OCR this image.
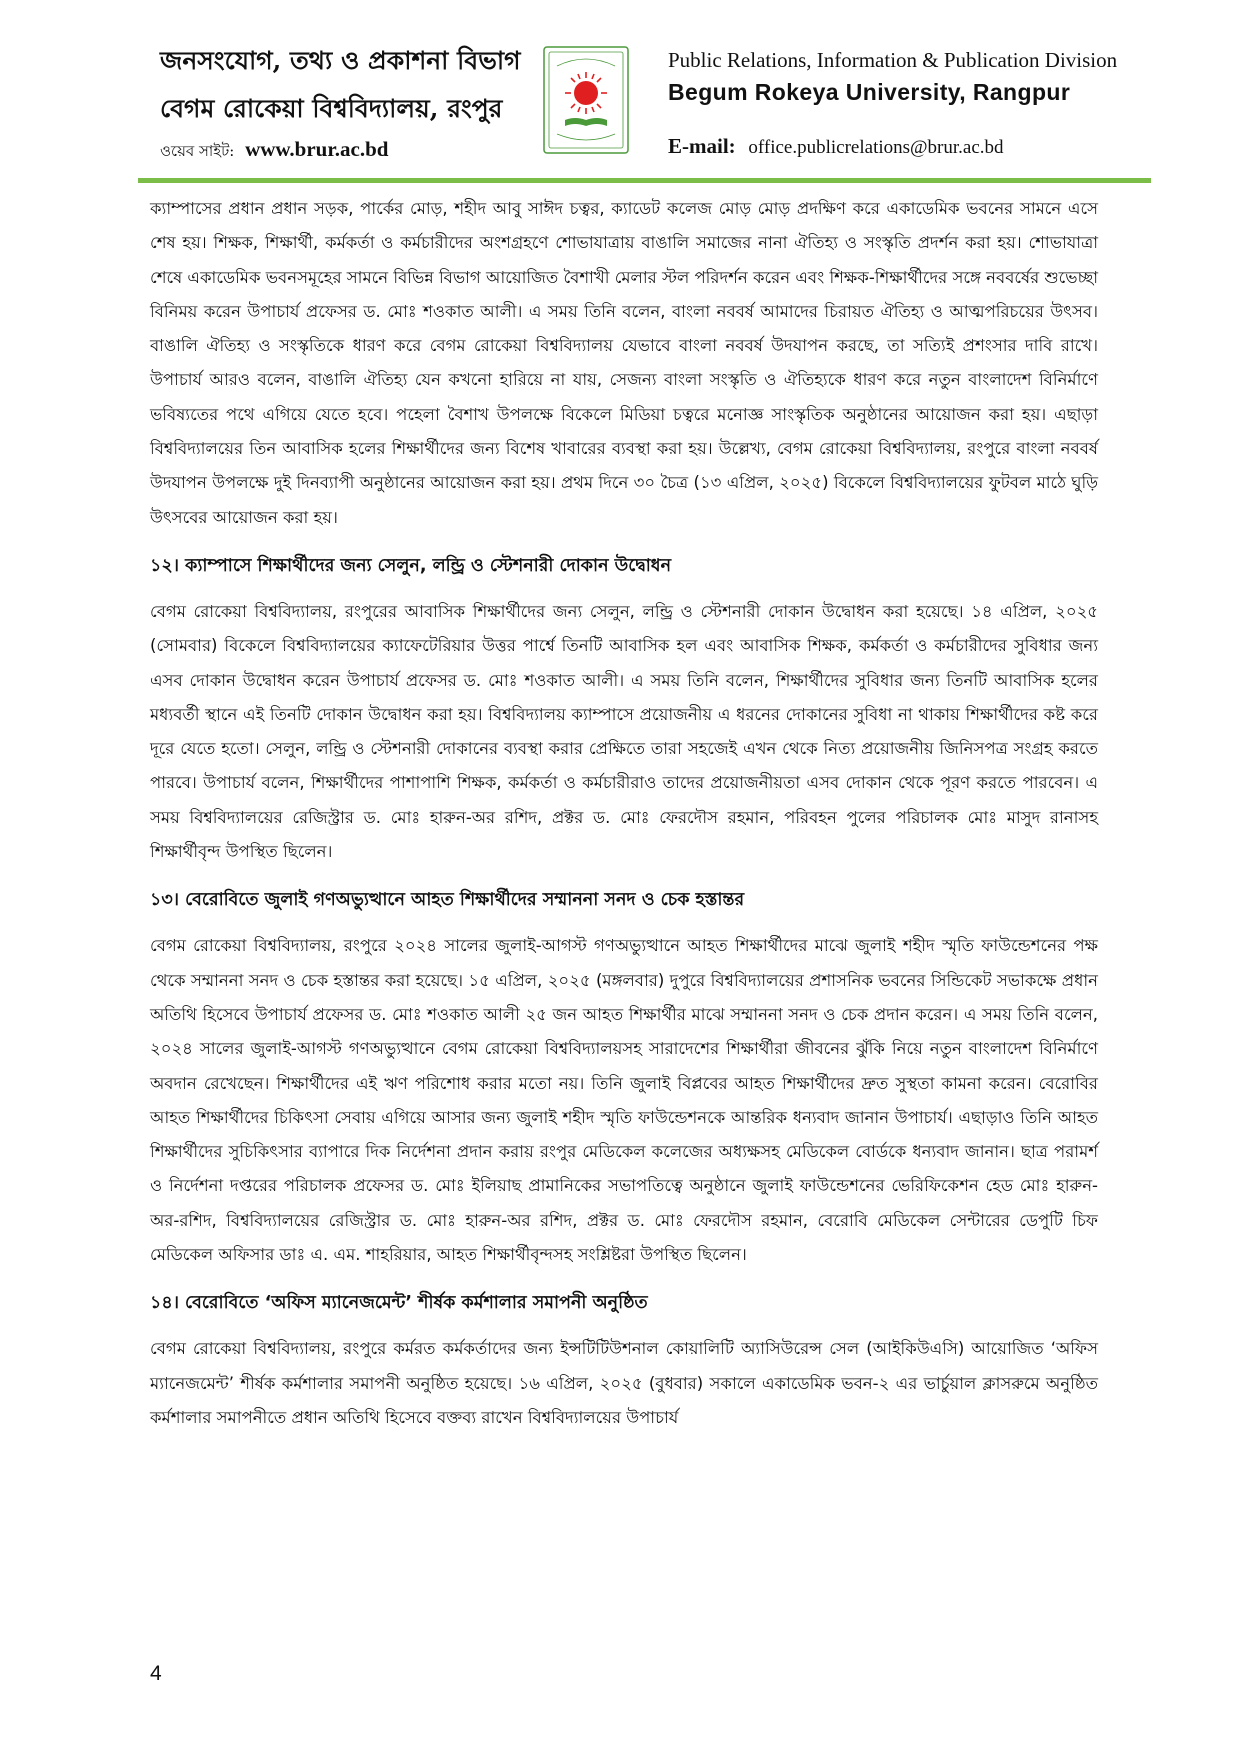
জনসংযোগ, তথ্য ও প্রকাশনা বিভাগ
বেগম রোকেয়া বিশ্ববিদ্যালয়, রংপুর
ওয়েব সাইট: www.brur.ac.bd
Public Relations, Information & Publication Division
Begum Rokeya University, Rangpur
E-mail: office.publicrelations@brur.ac.bd

ক্যাম্পাসের প্রধান প্রধান সড়ক, পার্কের মোড়, শহীদ আবু সাঈদ চত্বর, ক্যাডেট কলেজ মোড় মোড় প্রদক্ষিণ করে একাডেমিক ভবনের সামনে এসে শেষ হয়। শিক্ষক, শিক্ষার্থী, কর্মকর্তা ও কর্মচারীদের অংশগ্রহণে শোভাযাত্রায় বাঙালি সমাজের নানা ঐতিহ্য ও সংস্কৃতি প্রদর্শন করা হয়। শোভাযাত্রা শেষে একাডেমিক ভবনসমূহের সামনে বিভিন্ন বিভাগ আয়োজিত বৈশাখী মেলার স্টল পরিদর্শন করেন এবং শিক্ষক-শিক্ষার্থীদের সঙ্গে নববর্ষের শুভেচ্ছা বিনিময় করেন উপাচার্য প্রফেসর ড. মোঃ শওকাত আলী। এ সময় তিনি বলেন, বাংলা নববর্ষ আমাদের চিরায়ত ঐতিহ্য ও আত্মপরিচয়ের উৎসব। বাঙালি ঐতিহ্য ও সংস্কৃতিকে ধারণ করে বেগম রোকেয়া বিশ্ববিদ্যালয় যেভাবে বাংলা নববর্ষ উদযাপন করছে, তা সত্যিই প্রশংসার দাবি রাখে। উপাচার্য আরও বলেন, বাঙালি ঐতিহ্য যেন কখনো হারিয়ে না যায়, সেজন্য বাংলা সংস্কৃতি ও ঐতিহ্যকে ধারণ করে নতুন বাংলাদেশ বিনির্মাণে ভবিষ্যতের পথে এগিয়ে যেতে হবে। পহেলা বৈশাখ উপলক্ষে বিকেলে মিডিয়া চত্বরে মনোজ্ঞ সাংস্কৃতিক অনুষ্ঠানের আয়োজন করা হয়। এছাড়া বিশ্ববিদ্যালয়ের তিন আবাসিক হলের শিক্ষার্থীদের জন্য বিশেষ খাবারের ব্যবস্থা করা হয়। উল্লেখ্য, বেগম রোকেয়া বিশ্ববিদ্যালয়, রংপুরে বাংলা নববর্ষ উদযাপন উপলক্ষে দুই দিনব্যাপী অনুষ্ঠানের আয়োজন করা হয়। প্রথম দিনে ৩০ চৈত্র (১৩ এপ্রিল, ২০২৫) বিকেলে বিশ্ববিদ্যালয়ের ফুটবল মাঠে ঘুড়ি উৎসবের আয়োজন করা হয়।

১২। ক্যাম্পাসে শিক্ষার্থীদের জন্য সেলুন, লন্ড্রি ও স্টেশনারী দোকান উদ্বোধন

বেগম রোকেয়া বিশ্ববিদ্যালয়, রংপুরের আবাসিক শিক্ষার্থীদের জন্য সেলুন, লন্ড্রি ও স্টেশনারী দোকান উদ্বোধন করা হয়েছে। ১৪ এপ্রিল, ২০২৫ (সোমবার) বিকেলে বিশ্ববিদ্যালয়ের ক্যাফেটেরিয়ার উত্তর পার্শ্বে তিনটি আবাসিক হল এবং আবাসিক শিক্ষক, কর্মকর্তা ও কর্মচারীদের সুবিধার জন্য এসব দোকান উদ্বোধন করেন উপাচার্য প্রফেসর ড. মোঃ শওকাত আলী। এ সময় তিনি বলেন, শিক্ষার্থীদের সুবিধার জন্য তিনটি আবাসিক হলের মধ্যবর্তী স্থানে এই তিনটি দোকান উদ্বোধন করা হয়। বিশ্ববিদ্যালয় ক্যাম্পাসে প্রয়োজনীয় এ ধরনের দোকানের সুবিধা না থাকায় শিক্ষার্থীদের কষ্ট করে দূরে যেতে হতো। সেলুন, লন্ড্রি ও স্টেশনারী দোকানের ব্যবস্থা করার প্রেক্ষিতে তারা সহজেই এখন থেকে নিত্য প্রয়োজনীয় জিনিসপত্র সংগ্রহ করতে পারবে। উপাচার্য বলেন, শিক্ষার্থীদের পাশাপাশি শিক্ষক, কর্মকর্তা ও কর্মচারীরাও তাদের প্রয়োজনীয়তা এসব দোকান থেকে পূরণ করতে পারবেন। এ সময় বিশ্ববিদ্যালয়ের রেজিস্ট্রার ড. মোঃ হারুন-অর রশিদ, প্রক্টর ড. মোঃ ফেরদৌস রহমান, পরিবহন পুলের পরিচালক মোঃ মাসুদ রানাসহ শিক্ষার্থীবৃন্দ উপস্থিত ছিলেন।

১৩। বেরোবিতে জুলাই গণঅভ্যুত্থানে আহত শিক্ষার্থীদের সম্মাননা সনদ ও চেক হস্তান্তর

বেগম রোকেয়া বিশ্ববিদ্যালয়, রংপুরে ২০২৪ সালের জুলাই-আগস্ট গণঅভ্যুত্থানে আহত শিক্ষার্থীদের মাঝে জুলাই শহীদ স্মৃতি ফাউন্ডেশনের পক্ষ থেকে সম্মাননা সনদ ও চেক হস্তান্তর করা হয়েছে। ১৫ এপ্রিল, ২০২৫ (মঙ্গলবার) দুপুরে বিশ্ববিদ্যালয়ের প্রশাসনিক ভবনের সিন্ডিকেট সভাকক্ষে প্রধান অতিথি হিসেবে উপাচার্য প্রফেসর ড. মোঃ শওকাত আলী ২৫ জন আহত শিক্ষার্থীর মাঝে সম্মাননা সনদ ও চেক প্রদান করেন। এ সময় তিনি বলেন, ২০২৪ সালের জুলাই-আগস্ট গণঅভ্যুত্থানে বেগম রোকেয়া বিশ্ববিদ্যালয়সহ সারাদেশের শিক্ষার্থীরা জীবনের ঝুঁকি নিয়ে নতুন বাংলাদেশ বিনির্মাণে অবদান রেখেছেন। শিক্ষার্থীদের এই ঋণ পরিশোধ করার মতো নয়। তিনি জুলাই বিপ্লবের আহত শিক্ষার্থীদের দ্রুত সুস্থতা কামনা করেন। বেরোবির আহত শিক্ষার্থীদের চিকিৎসা সেবায় এগিয়ে আসার জন্য জুলাই শহীদ স্মৃতি ফাউন্ডেশনকে আন্তরিক ধন্যবাদ জানান উপাচার্য। এছাড়াও তিনি আহত শিক্ষার্থীদের সুচিকিৎসার ব্যাপারে দিক নির্দেশনা প্রদান করায় রংপুর মেডিকেল কলেজের অধ্যক্ষসহ মেডিকেল বোর্ডকে ধন্যবাদ জানান। ছাত্র পরামর্শ ও নির্দেশনা দপ্তরের পরিচালক প্রফেসর ড. মোঃ ইলিয়াছ প্রামানিকের সভাপতিত্বে অনুষ্ঠানে জুলাই ফাউন্ডেশনের ভেরিফিকেশন হেড মোঃ হারুন-অর-রশিদ, বিশ্ববিদ্যালয়ের রেজিস্ট্রার ড. মোঃ হারুন-অর রশিদ, প্রক্টর ড. মোঃ ফেরদৌস রহমান, বেরোবি মেডিকেল সেন্টারের ডেপুটি চিফ মেডিকেল অফিসার ডাঃ এ. এম. শাহরিয়ার, আহত শিক্ষার্থীবৃন্দসহ সংশ্লিষ্টরা উপস্থিত ছিলেন।

১৪। বেরোবিতে ‘অফিস ম্যানেজমেন্ট’ শীর্ষক কর্মশালার সমাপনী অনুষ্ঠিত

বেগম রোকেয়া বিশ্ববিদ্যালয়, রংপুরে কর্মরত কর্মকর্তাদের জন্য ইন্সটিটিউশনাল কোয়ালিটি অ্যাসিউরেন্স সেল (আইকিউএসি) আয়োজিত ‘অফিস ম্যানেজমেন্ট’ শীর্ষক কর্মশালার সমাপনী অনুষ্ঠিত হয়েছে। ১৬ এপ্রিল, ২০২৫ (বুধবার) সকালে একাডেমিক ভবন-২ এর ভার্চুয়াল ক্লাসরুমে অনুষ্ঠিত কর্মশালার সমাপনীতে প্রধান অতিথি হিসেবে বক্তব্য রাখেন বিশ্ববিদ্যালয়ের উপাচার্য

4
